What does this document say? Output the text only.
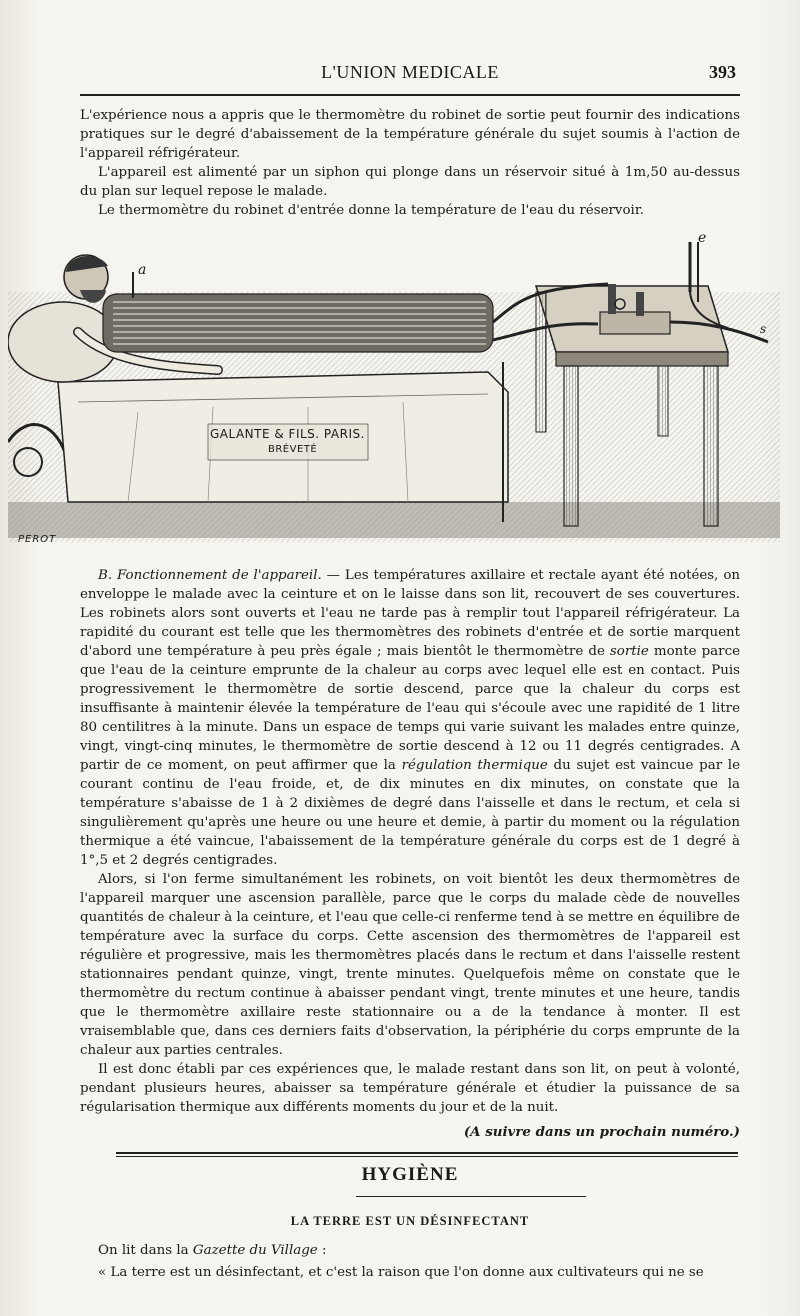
L'UNION MEDICALE	393

L'expérience nous a appris que le thermomètre du robinet de sortie peut fournir des indications pratiques sur le degré d'abaissement de la température générale du sujet soumis à l'action de l'appareil réfrigérateur.

L'appareil est alimenté par un siphon qui plonge dans un réservoir situé à 1m,50 au-dessus du plan sur lequel repose le malade.

Le thermomètre du robinet d'entrée donne la température de l'eau du réservoir.

a
e
s
GALANTE & FILS. PARIS.
BRÉVETÉ
PEROT

B. Fonctionnement de l'appareil. — Les températures axillaire et rectale ayant été notées, on enveloppe le malade avec la ceinture et on le laisse dans son lit, recouvert de ses couvertures. Les robinets alors sont ouverts et l'eau ne tarde pas à remplir tout l'appareil réfrigérateur. La rapidité du courant est telle que les thermomètres des robinets d'entrée et de sortie marquent d'abord une température à peu près égale ; mais bientôt le thermomètre de sortie monte parce que l'eau de la ceinture emprunte de la chaleur au corps avec lequel elle est en contact. Puis progressivement le thermomètre de sortie descend, parce que la chaleur du corps est insuffisante à maintenir élevée la température de l'eau qui s'écoule avec une rapidité de 1 litre 80 centilitres à la minute. Dans un espace de temps qui varie suivant les malades entre quinze, vingt, vingt-cinq minutes, le thermomètre de sortie descend à 12 ou 11 degrés centigrades. A partir de ce moment, on peut affirmer que la régulation thermique du sujet est vaincue par le courant continu de l'eau froide, et, de dix minutes en dix minutes, on constate que la température s'abaisse de 1 à 2 dixièmes de degré dans l'aisselle et dans le rectum, et cela si singulièrement qu'après une heure ou une heure et demie, à partir du moment ou la régulation thermique a été vaincue, l'abaissement de la température générale du corps est de 1 degré à 1°,5 et 2 degrés centigrades.

Alors, si l'on ferme simultanément les robinets, on voit bientôt les deux thermomètres de l'appareil marquer une ascension parallèle, parce que le corps du malade cède de nouvelles quantités de chaleur à la ceinture, et l'eau que celle-ci renferme tend à se mettre en équilibre de température avec la surface du corps. Cette ascension des thermomètres de l'appareil est régulière et progressive, mais les thermomètres placés dans le rectum et dans l'aisselle restent stationnaires pendant quinze, vingt, trente minutes. Quelquefois même on constate que le thermomètre du rectum continue à abaisser pendant vingt, trente minutes et une heure, tandis que le thermomètre axillaire reste stationnaire ou a de la tendance à monter. Il est vraisemblable que, dans ces derniers faits d'observation, la périphérie du corps emprunte de la chaleur aux parties centrales.

Il est donc établi par ces expériences que, le malade restant dans son lit, on peut à volonté, pendant plusieurs heures, abaisser sa température générale et étudier la puissance de sa régularisation thermique aux différents moments du jour et de la nuit.

(A suivre dans un prochain numéro.)
HYGIÈNE
LA TERRE EST UN DÉSINFECTANT

On lit dans la Gazette du Village :

« La terre est un désinfectant, et c'est la raison que l'on donne aux cultivateurs qui ne se
